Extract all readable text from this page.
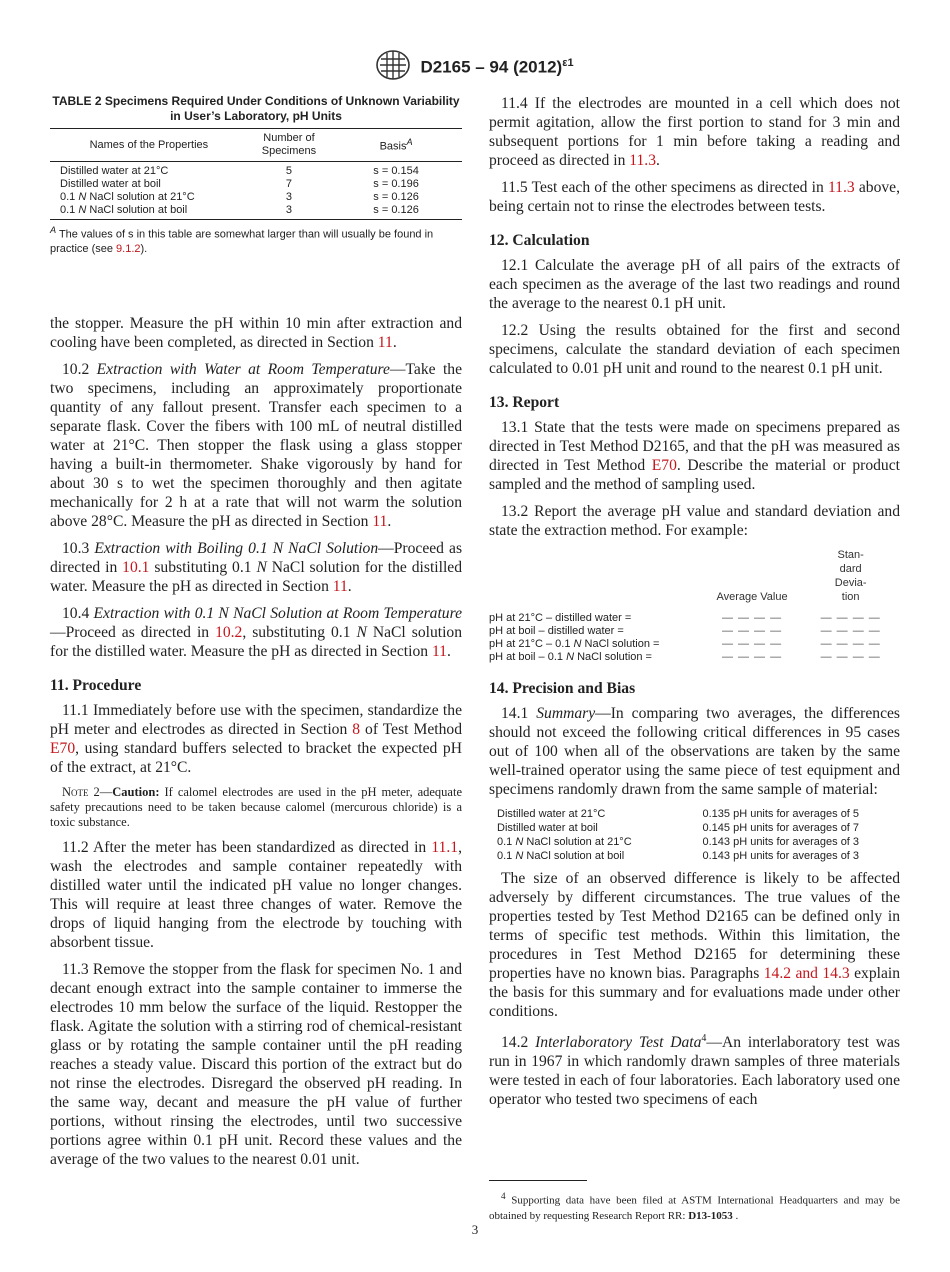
D2165 – 94 $(2012)^{\varepsilon 1}$
TABLE 2 Specimens Required Under Conditions of Unknown Variability in User’s Laboratory, pH Units
Names of the Properties	Number of Specimens	Basis$^A$
Distilled water at 21°C	5	s = 0.154
Distilled water at boil	7	s = 0.196
0.1 N NaCl solution at 21°C	3	s = 0.126
0.1 N NaCl solution at boil	3	s = 0.126
$^A$ The values of s in this table are somewhat larger than will usually be found in practice (see 9.1.2).

the stopper. Measure the pH within 10 min after extraction and cooling have been completed, as directed in Section 11.

10.2 Extraction with Water at Room Temperature—Take the two specimens, including an approximately proportionate quantity of any fallout present. Transfer each specimen to a separate flask. Cover the fibers with 100 mL of neutral distilled water at 21°C. Then stopper the flask using a glass stopper having a built-in thermometer. Shake vigorously by hand for about 30 s to wet the specimen thoroughly and then agitate mechanically for 2 h at a rate that will not warm the solution above 28°C. Measure the pH as directed in Section 11.

10.3 Extraction with Boiling 0.1 N NaCl Solution—Proceed as directed in 10.1 substituting 0.1 N NaCl solution for the distilled water. Measure the pH as directed in Section 11.

10.4 Extraction with 0.1 N NaCl Solution at Room Temperature—Proceed as directed in 10.2, substituting 0.1 N NaCl solution for the distilled water. Measure the pH as directed in Section 11.

11. Procedure

11.1 Immediately before use with the specimen, standardize the pH meter and electrodes as directed in Section 8 of Test Method E70, using standard buffers selected to bracket the expected pH of the extract, at 21°C.

Note 2—Caution: If calomel electrodes are used in the pH meter, adequate safety precautions need to be taken because calomel (mercurous chloride) is a toxic substance.

11.2 After the meter has been standardized as directed in 11.1, wash the electrodes and sample container repeatedly with distilled water until the indicated pH value no longer changes. This will require at least three changes of water. Remove the drops of liquid hanging from the electrode by touching with absorbent tissue.

11.3 Remove the stopper from the flask for specimen No. 1 and decant enough extract into the sample container to immerse the electrodes 10 mm below the surface of the liquid. Restopper the flask. Agitate the solution with a stirring rod of chemical-resistant glass or by rotating the sample container until the pH reading reaches a steady value. Discard this portion of the extract but do not rinse the electrodes. Disregard the observed pH reading. In the same way, decant and measure the pH value of further portions, without rinsing the electrodes, until two successive portions agree within 0.1 pH unit. Record these values and the average of the two values to the nearest 0.01 unit.

11.4 If the electrodes are mounted in a cell which does not permit agitation, allow the first portion to stand for 3 min and subsequent portions for 1 min before taking a reading and proceed as directed in 11.3.

11.5 Test each of the other specimens as directed in 11.3 above, being certain not to rinse the electrodes between tests.

12. Calculation

12.1 Calculate the average pH of all pairs of the extracts of each specimen as the average of the last two readings and round the average to the nearest 0.1 pH unit.

12.2 Using the results obtained for the first and second specimens, calculate the standard deviation of each specimen calculated to 0.01 pH unit and round to the nearest 0.1 pH unit.

13. Report

13.1 State that the tests were made on specimens prepared as directed in Test Method D2165, and that the pH was measured as directed in Test Method E70. Describe the material or product sampled and the method of sampling used.

13.2 Report the average pH value and standard deviation and state the extraction method. For example:

	Average Value	Stan-
dard
Devia-
tion
pH at 21°C – distilled water =	— — — —	— — — —
pH at boil – distilled water =	— — — —	— — — —
pH at 21°C – 0.1 N NaCl solution =	— — — —	— — — —
pH at boil – 0.1 N NaCl solution =	— — — —	— — — —
14. Precision and Bias

14.1 Summary—In comparing two averages, the differences should not exceed the following critical differences in 95 cases out of 100 when all of the observations are taken by the same well-trained operator using the same piece of test equipment and specimens randomly drawn from the same sample of material:

Distilled water at 21°C	0.135 pH units for averages of 5
Distilled water at boil	0.145 pH units for averages of 7
0.1 N NaCl solution at 21°C	0.143 pH units for averages of 3
0.1 N NaCl solution at boil	0.143 pH units for averages of 3

The size of an observed difference is likely to be affected adversely by different circumstances. The true values of the properties tested by Test Method D2165 can be defined only in terms of specific test methods. Within this limitation, the procedures in Test Method D2165 for determining these properties have no known bias. Paragraphs 14.2 and 14.3 explain the basis for this summary and for evaluations made under other conditions.

14.2 Interlaboratory Test Data$^4$—An interlaboratory test was run in 1967 in which randomly drawn samples of three materials were tested in each of four laboratories. Each laboratory used one operator who tested two specimens of each

$^4$ Supporting data have been filed at ASTM International Headquarters and may be obtained by requesting Research Report RR: D13-1053 .
3
